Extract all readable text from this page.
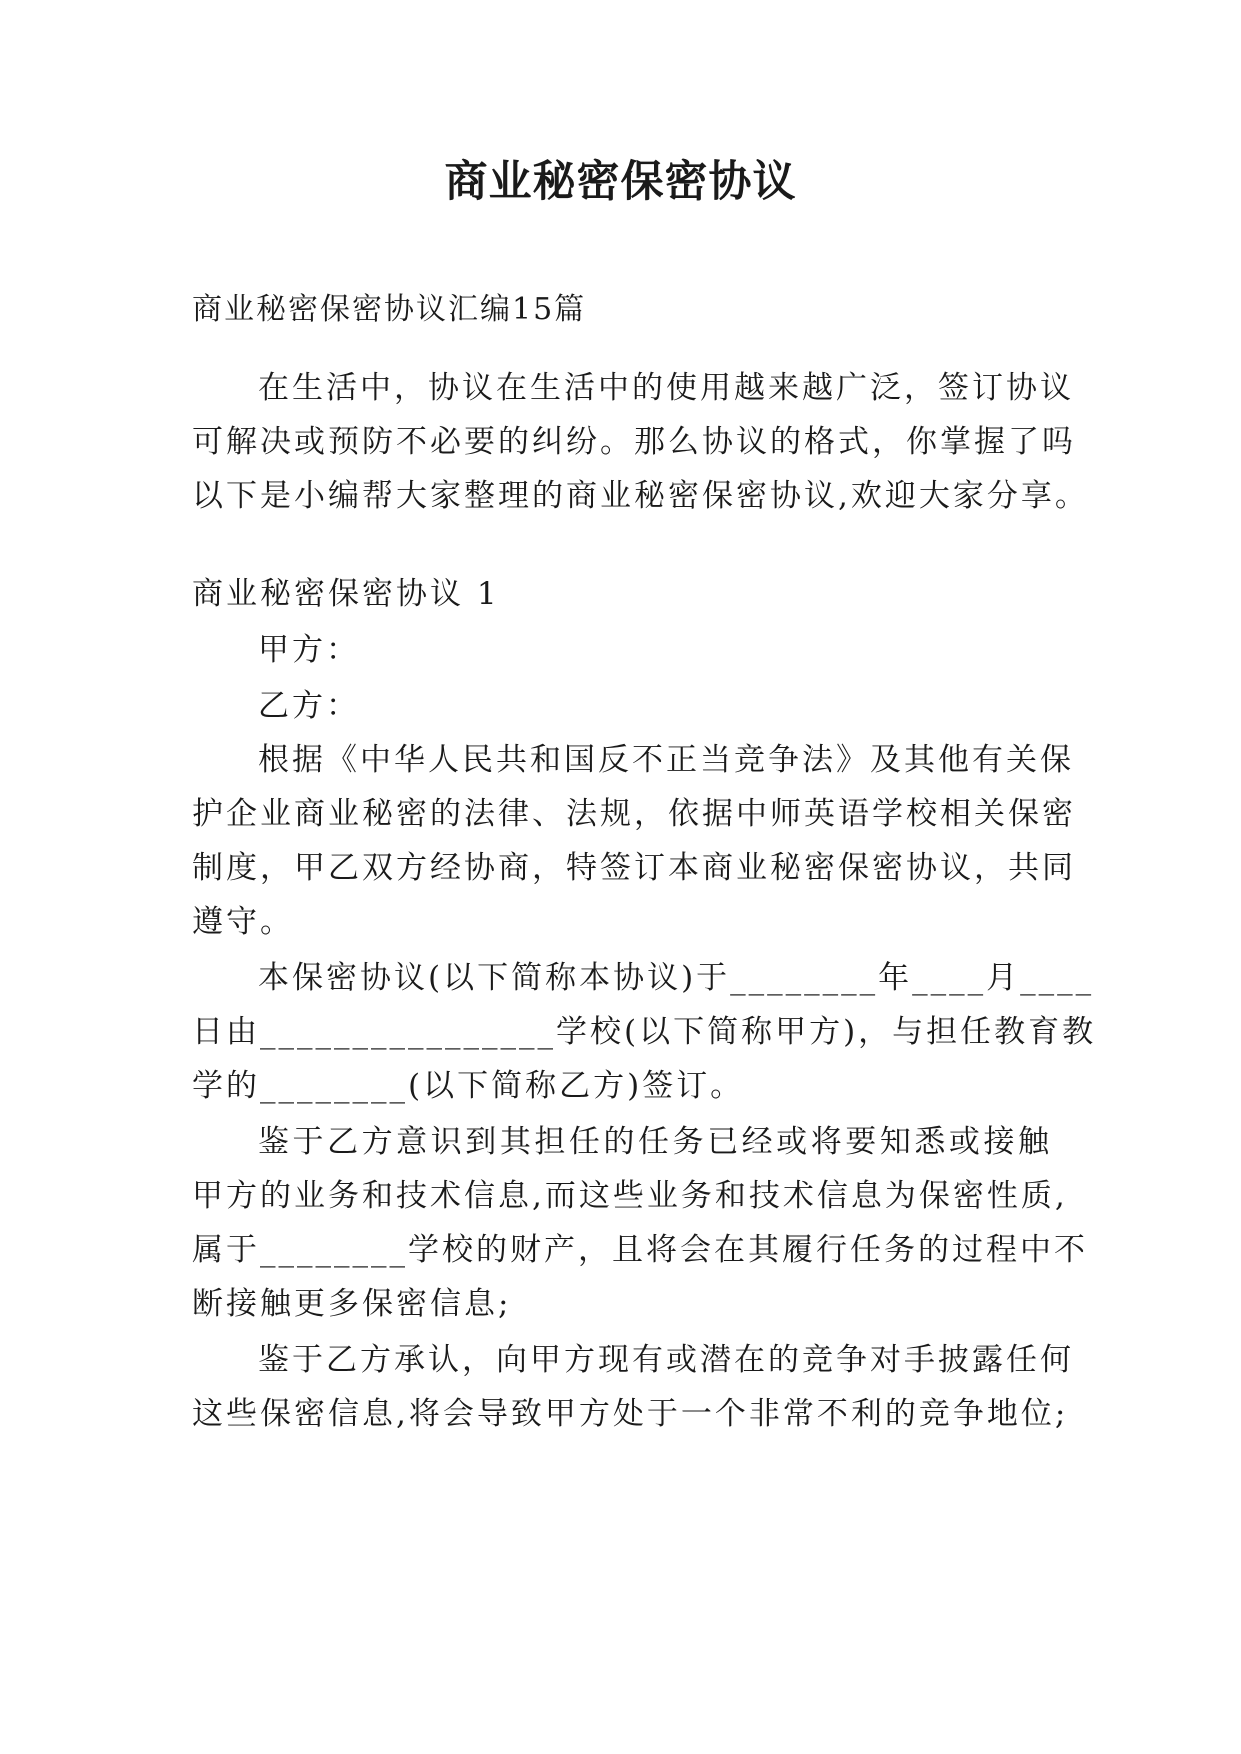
商业秘密保密协议
商业秘密保密协议汇编15篇
在生活中，协议在生活中的使用越来越广泛，签订协议
可解决或预防不必要的纠纷。那么协议的格式，你掌握了吗
以下是小编帮大家整理的商业秘密保密协议,欢迎大家分享。
商业秘密保密协议 1
甲方：
乙方：
根据《中华人民共和国反不正当竞争法》及其他有关保
护企业商业秘密的法律、法规，依据中师英语学校相关保密
制度，甲乙双方经协商，特签订本商业秘密保密协议，共同
遵守。
本保密协议(以下简称本协议)于________年____月____
日由________________学校(以下简称甲方)，与担任教育教
学的________(以下简称乙方)签订。
鉴于乙方意识到其担任的任务已经或将要知悉或接触
甲方的业务和技术信息,而这些业务和技术信息为保密性质,
属于________学校的财产，且将会在其履行任务的过程中不
断接触更多保密信息;
鉴于乙方承认，向甲方现有或潜在的竞争对手披露任何
这些保密信息,将会导致甲方处于一个非常不利的竞争地位;
